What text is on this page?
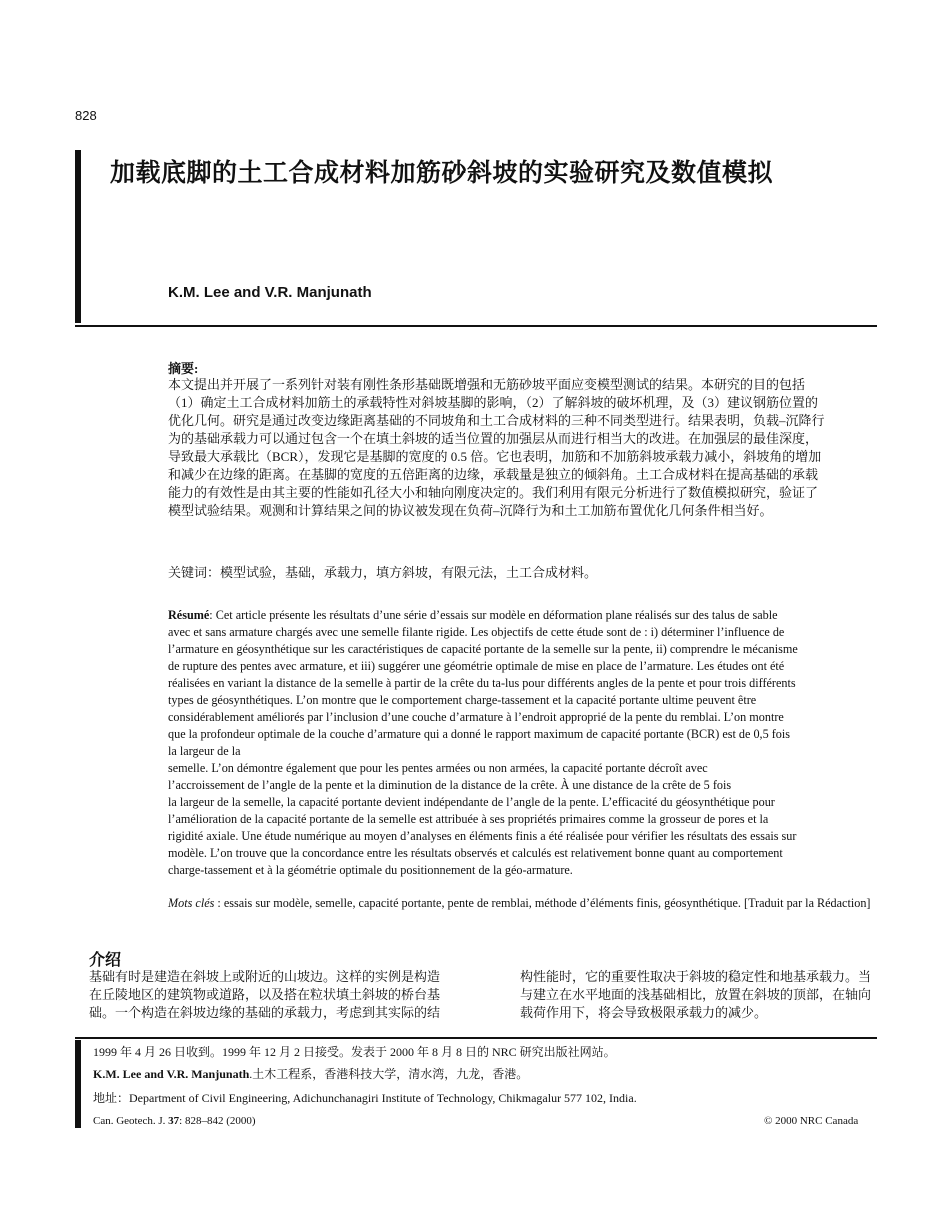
828
加载底脚的土工合成材料加筋砂斜坡的实验研究及数值模拟
K.M. Lee and V.R. Manjunath
摘要:
本文提出并开展了一系列针对装有刚性条形基础既增强和无筋砂坡平面应变模型测试的结果。本研究的目的包括
（1）确定土工合成材料加筋土的承载特性对斜坡基脚的影响，（2）了解斜坡的破坏机理，及（3）建议钢筋位置的
优化几何。研究是通过改变边缘距离基础的不同坡角和土工合成材料的三种不同类型进行。结果表明，负载–沉降行
为的基础承载力可以通过包含一个在填土斜坡的适当位置的加强层从而进行相当大的改进。在加强层的最佳深度，
导致最大承载比（BCR），发现它是基脚的宽度的 0.5 倍。它也表明，加筋和不加筋斜坡承载力减小，斜坡角的增加
和减少在边缘的距离。在基脚的宽度的五倍距离的边缘，承载量是独立的倾斜角。土工合成材料在提高基础的承载
能力的有效性是由其主要的性能如孔径大小和轴向刚度决定的。我们利用有限元分析进行了数值模拟研究，验证了
模型试验结果。观测和计算结果之间的协议被发现在负荷–沉降行为和土工加筋布置优化几何条件相当好。
关键词：模型试验，基础，承载力，填方斜坡，有限元法，土工合成材料。
Résumé: Cet article présente les résultats d’une série d’essais sur modèle en déformation plane réalisés sur des talus de sable
avec et sans armature chargés avec une semelle filante rigide. Les objectifs de cette étude sont de : i) déterminer l’influence de
l’armature en géosynthétique sur les caractéristiques de capacité portante de la semelle sur la pente, ii) comprendre le mécanisme
de rupture des pentes avec armature, et iii) suggérer une géométrie optimale de mise en place de l’armature. Les études ont été
réalisées en variant la distance de la semelle à partir de la crête du ta-lus pour différents angles de la pente et pour trois différents
types de géosynthétiques. L’on montre que le comportement charge-tassement et la capacité portante ultime peuvent être
considérablement améliorés par l’inclusion d’une couche d’armature à l’endroit approprié de la pente du remblai. L’on montre
que la profondeur optimale de la couche d’armature qui a donné le rapport maximum de capacité portante (BCR) est de 0,5 fois
la largeur de la
semelle. L’on démontre également que pour les pentes armées ou non armées, la capacité portante décroît avec
l’accroissement de l’angle de la pente et la diminution de la distance de la crête. À une distance de la crête de 5 fois
la largeur de la semelle, la capacité portante devient indépendante de l’angle de la pente. L’efficacité du géosynthétique pour
l’amélioration de la capacité portante de la semelle est attribuée à ses propriétés primaires comme la grosseur de pores et la
rigidité axiale. Une étude numérique au moyen d’analyses en éléments finis a été réalisée pour vérifier les résultats des essais sur
modèle. L’on trouve que la concordance entre les résultats observés et calculés est relativement bonne quant au comportement
charge-tassement et à la géométrie optimale du positionnement de la géo-armature.
Mots clés : essais sur modèle, semelle, capacité portante, pente de remblai, méthode d’éléments finis, géosynthétique. [Traduit par la Rédaction]
介绍
基础有时是建造在斜坡上或附近的山坡边。这样的实例是构造
在丘陵地区的建筑物或道路，以及搭在粒状填土斜坡的桥台基
础。一个构造在斜坡边缘的基础的承载力，考虑到其实际的结
构性能时，它的重要性取决于斜坡的稳定性和地基承载力。当
与建立在水平地面的浅基础相比，放置在斜坡的顶部，在轴向
载荷作用下，将会导致极限承载力的减少。
1999 年 4 月 26 日收到。1999 年 12 月 2 日接受。发表于 2000 年 8 月 8 日的 NRC 研究出版社网站。
K.M. Lee and V.R. Manjunath.土木工程系，香港科技大学，清水湾，九龙，香港。
地址：Department of Civil Engineering, Adichunchanagiri Institute of Technology, Chikmagalur 577 102, India.
Can. Geotech. J. 37: 828–842 (2000)	© 2000 NRC Canada
